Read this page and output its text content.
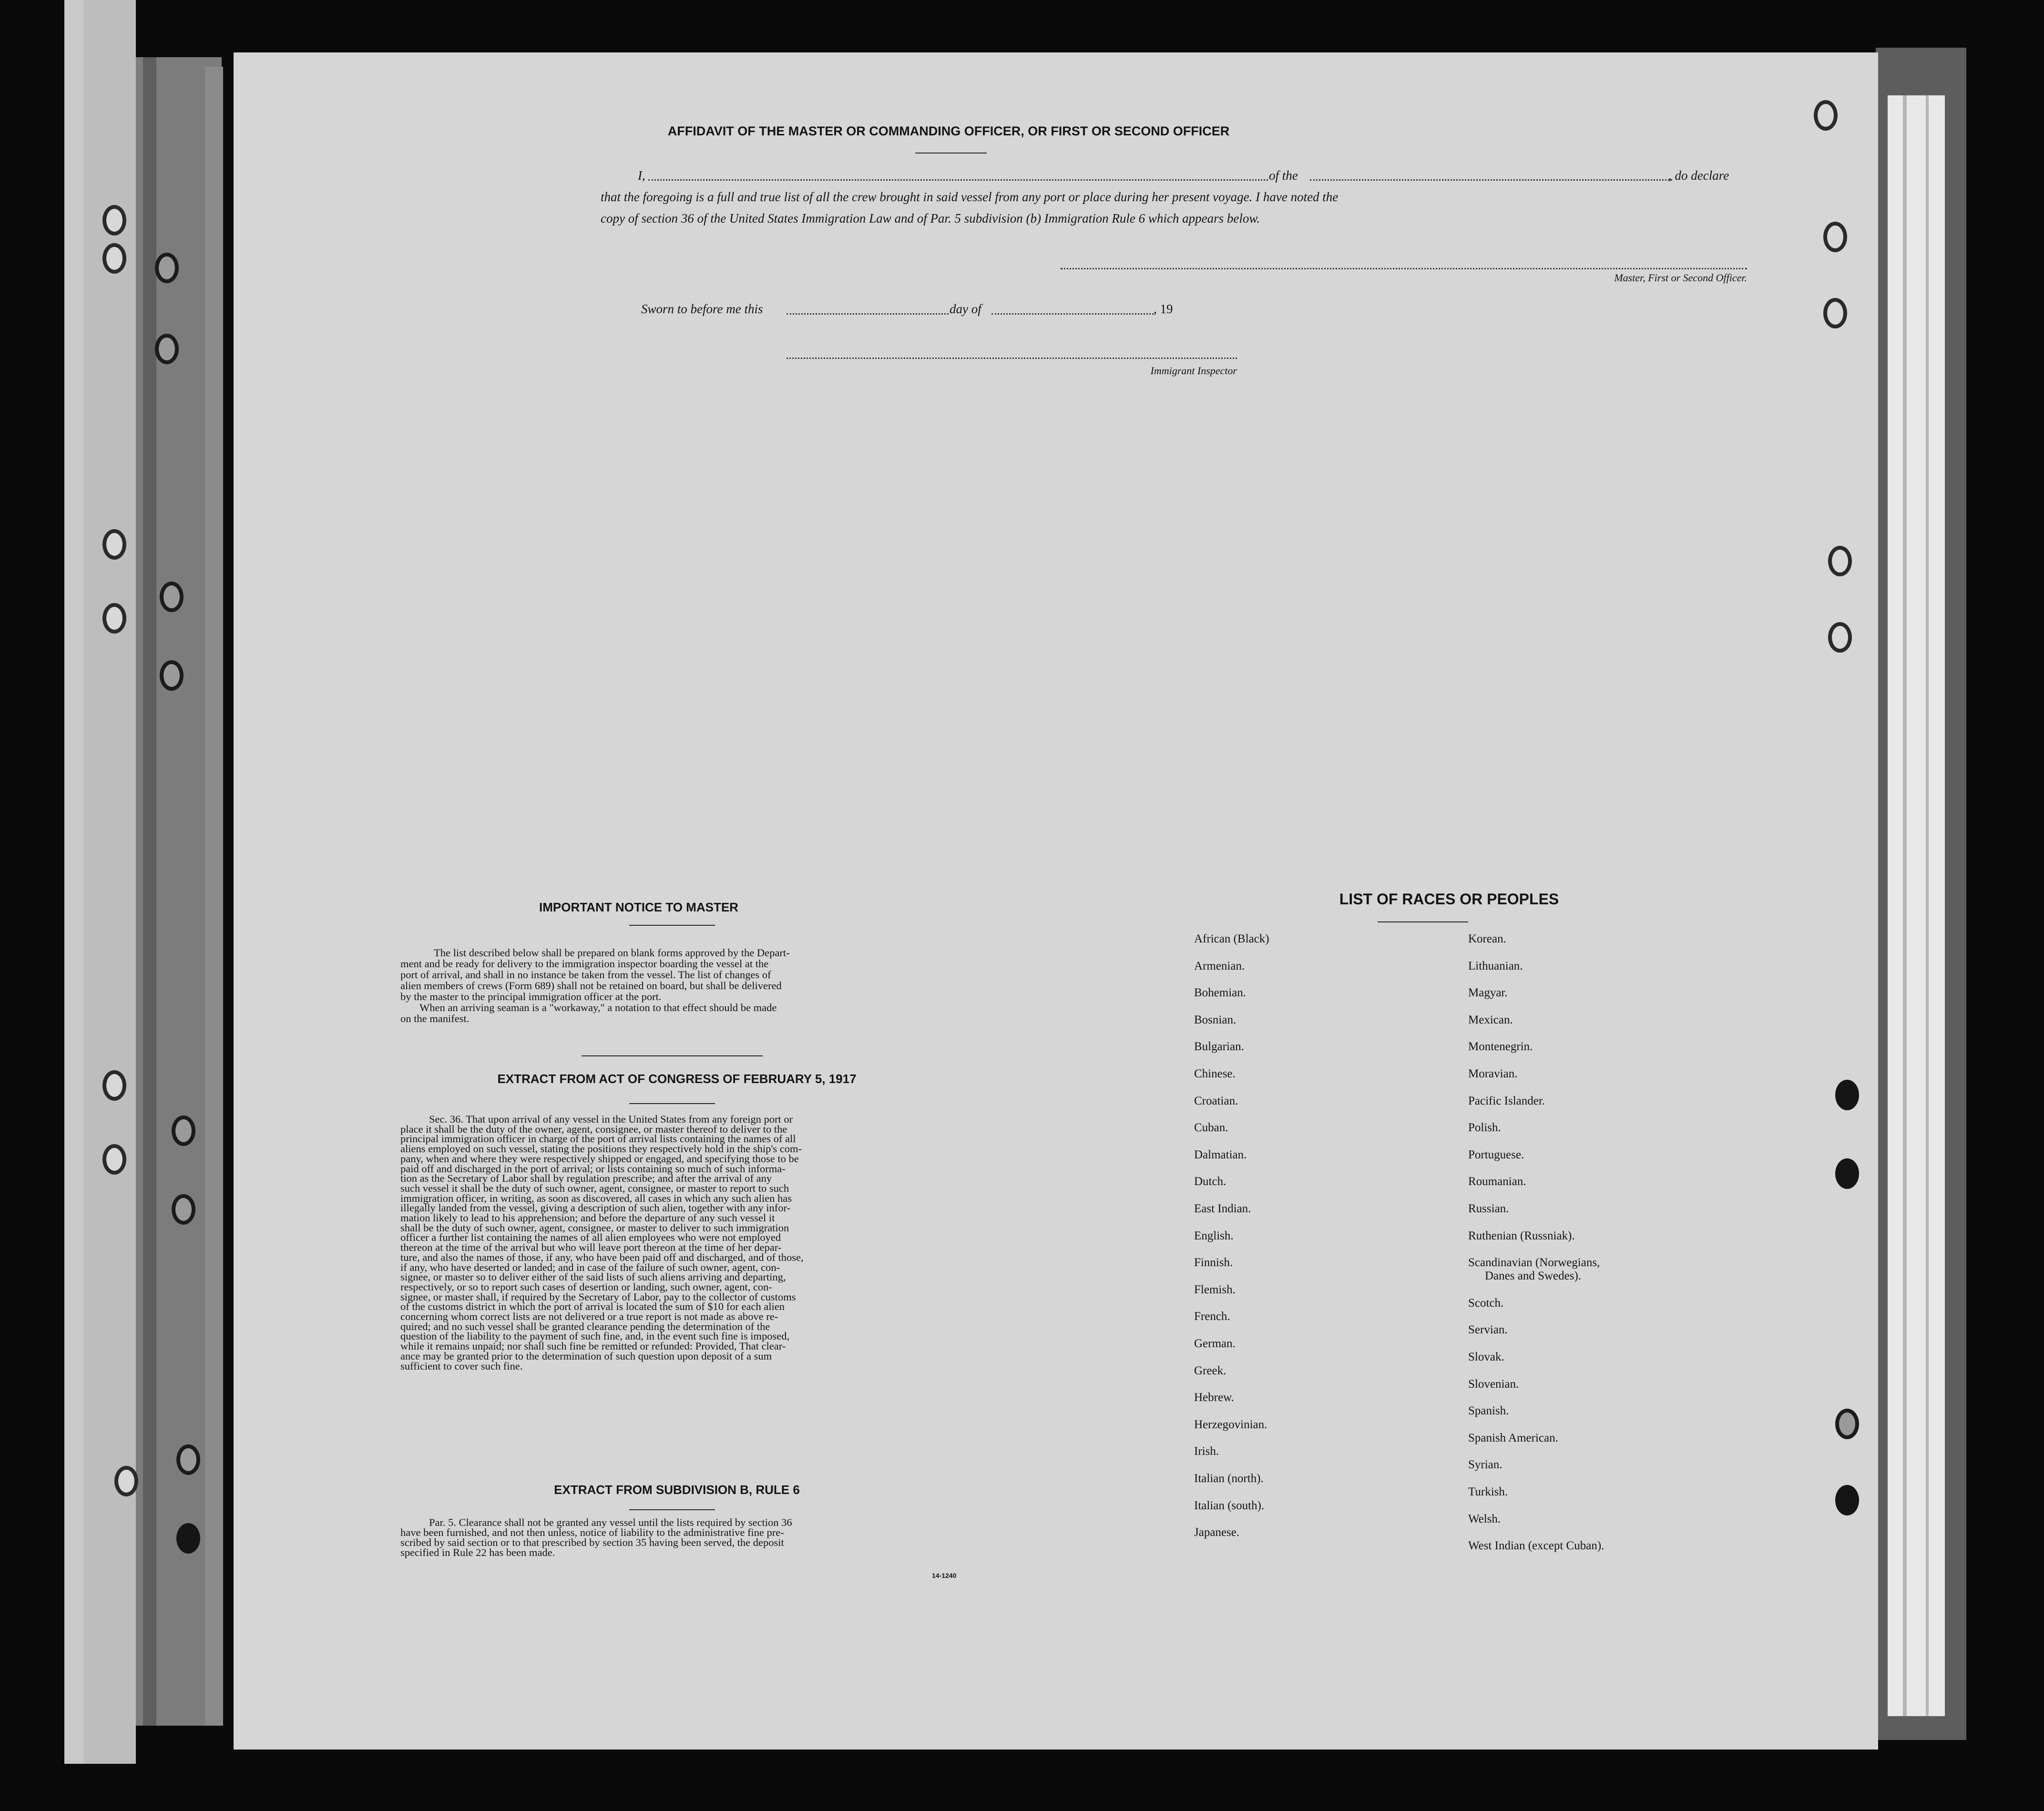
AFFIDAVIT OF THE MASTER OR COMMANDING OFFICER, OR FIRST OR SECOND OFFICER
I,	of the	, do declare

that the foregoing is a full and true list of all the crew brought in said vessel from any port or place during her present voyage. I have noted the

copy of section 36 of the United States Immigration Law and of Par. 5 subdivision (b) Immigration Rule 6 which appears below.

Master, First or Second Officer.
Sworn to before me this	day of	, 19
Immigrant Inspector
IMPORTANT NOTICE TO MASTER
The list described below shall be prepared on blank forms approved by the Depart-
ment and be ready for delivery to the immigration inspector boarding the vessel at the
port of arrival, and shall in no instance be taken from the vessel. The list of changes of
alien members of crews (Form 689) shall not be retained on board, but shall be delivered
by the master to the principal immigration officer at the port.
When an arriving seaman is a "workaway," a notation to that effect should be made
on the manifest.
EXTRACT FROM ACT OF CONGRESS OF FEBRUARY 5, 1917
Sec. 36. That upon arrival of any vessel in the United States from any foreign port or
place it shall be the duty of the owner, agent, consignee, or master thereof to deliver to the
principal immigration officer in charge of the port of arrival lists containing the names of all
aliens employed on such vessel, stating the positions they respectively hold in the ship's com-
pany, when and where they were respectively shipped or engaged, and specifying those to be
paid off and discharged in the port of arrival; or lists containing so much of such informa-
tion as the Secretary of Labor shall by regulation prescribe; and after the arrival of any
such vessel it shall be the duty of such owner, agent, consignee, or master to report to such
immigration officer, in writing, as soon as discovered, all cases in which any such alien has
illegally landed from the vessel, giving a description of such alien, together with any infor-
mation likely to lead to his apprehension; and before the departure of any such vessel it
shall be the duty of such owner, agent, consignee, or master to deliver to such immigration
officer a further list containing the names of all alien employees who were not employed
thereon at the time of the arrival but who will leave port thereon at the time of her depar-
ture, and also the names of those, if any, who have been paid off and discharged, and of those,
if any, who have deserted or landed; and in case of the failure of such owner, agent, con-
signee, or master so to deliver either of the said lists of such aliens arriving and departing,
respectively, or so to report such cases of desertion or landing, such owner, agent, con-
signee, or master shall, if required by the Secretary of Labor, pay to the collector of customs
of the customs district in which the port of arrival is located the sum of $10 for each alien
concerning whom correct lists are not delivered or a true report is not made as above re-
quired; and no such vessel shall be granted clearance pending the determination of the
question of the liability to the payment of such fine, and, in the event such fine is imposed,
while it remains unpaid; nor shall such fine be remitted or refunded: Provided, That clear-
ance may be granted prior to the determination of such question upon deposit of a sum
sufficient to cover such fine.
EXTRACT FROM SUBDIVISION B, RULE 6
Par. 5. Clearance shall not be granted any vessel until the lists required by section 36
have been furnished, and not then unless, notice of liability to the administrative fine pre-
scribed by said section or to that prescribed by section 35 having been served, the deposit
specified in Rule 22 has been made.
14-1240
LIST OF RACES OR PEOPLES
African (Black)
Armenian.
Bohemian.
Bosnian.
Bulgarian.
Chinese.
Croatian.
Cuban.
Dalmatian.
Dutch.
East Indian.
English.
Finnish.
Flemish.
French.
German.
Greek.
Hebrew.
Herzegovinian.
Irish.
Italian (north).
Italian (south).
Japanese.
Korean.
Lithuanian.
Magyar.
Mexican.
Montenegrin.
Moravian.
Pacific Islander.
Polish.
Portuguese.
Roumanian.
Russian.
Ruthenian (Russniak).
Scandinavian (Norwegians,
Danes and Swedes).
Scotch.
Servian.
Slovak.
Slovenian.
Spanish.
Spanish American.
Syrian.
Turkish.
Welsh.
West Indian (except Cuban).
